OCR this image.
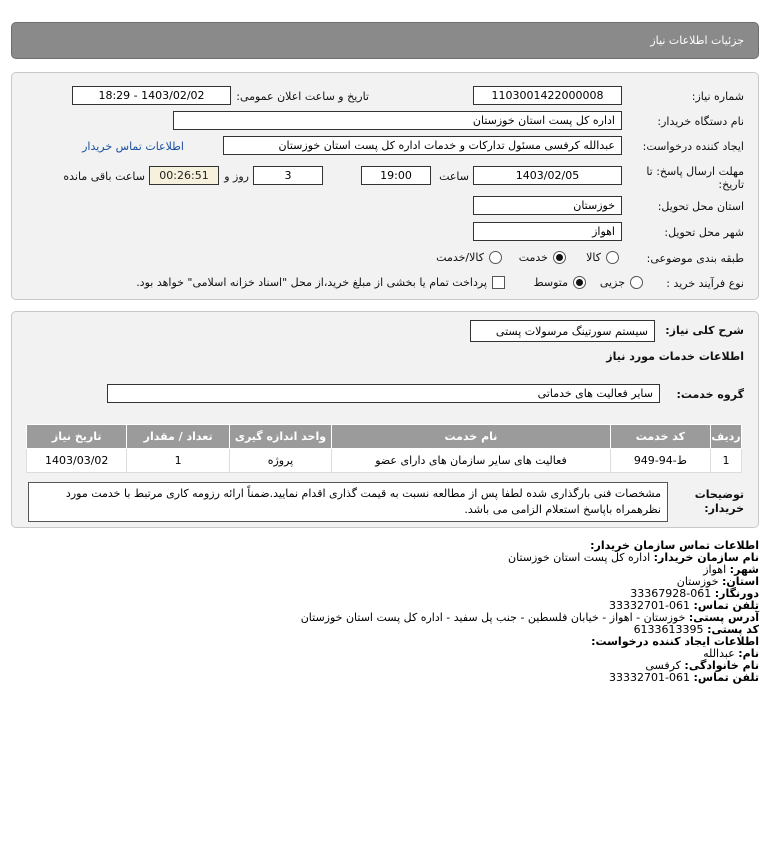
جزئیات اطلاعات نیاز
شماره نیاز:
1103001422000008
تاریخ و ساعت اعلان عمومی:
1403/02/02 - 18:29
نام دستگاه خریدار:
اداره کل پست استان خوزستان
ایجاد کننده درخواست:
عبدالله کرفسی مسئول تدارکات و خدمات اداره کل پست استان خوزستان
اطلاعات تماس خریدار
مهلت ارسال پاسخ: تا تاریخ:
1403/02/05
ساعت
19:00
3
روز و
00:26:51
ساعت باقی مانده
استان محل تحویل:
خوزستان
شهر محل تحویل:
اهواز
طبقه بندی موضوعی:
کالا
خدمت
کالا/خدمت
نوع فرآیند خرید :
جزیی
متوسط
پرداخت تمام یا بخشی از مبلغ خرید،از محل "اسناد خزانه اسلامی" خواهد بود.
شرح کلی نیاز:
سیستم سورتینگ مرسولات پستی
اطلاعات خدمات مورد نیاز
گروه خدمت:
سایر فعالیت های خدماتی
ردیف	کد خدمت	نام خدمت	واحد اندازه گیری	تعداد / مقدار	تاریخ نیاز
1	ط-94-949	فعالیت های سایر سازمان های دارای عضو	پروژه	1	1403/03/02
توضیحات خریدار:
مشخصات فنی بارگذاری شده لطفا پس از مطالعه نسبت به قیمت گذاری اقدام نمایید.ضمناً ارائه رزومه کاری مرتبط با خدمت مورد نظرهمراه باپاسخ استعلام الزامی می باشد.
اطلاعات تماس سازمان خریدار:
نام سازمان خریدار: اداره کل پست استان خوزستان
شهر: اهواز
استان: خوزستان
دورنگار: 061-33367928
تلفن تماس: 061-33332701
آدرس پستی: خوزستان - اهواز - خیابان فلسطین - جنب پل سفید - اداره کل پست استان خوزستان
کد پستی: 6133613395
اطلاعات ایجاد کننده درخواست:
نام: عبدالله
نام خانوادگی: کرفسی
تلفن تماس: 061-33332701
